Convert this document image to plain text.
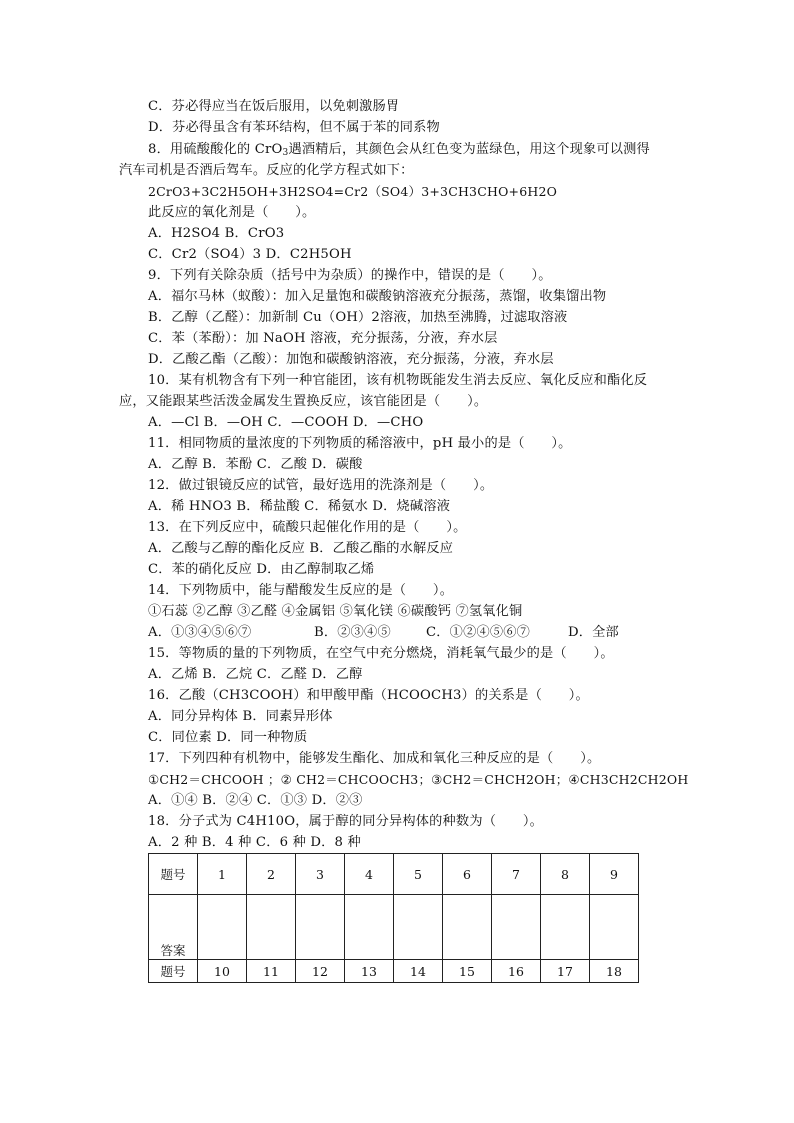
C．芬必得应当在饭后服用，以免刺激肠胃
D．芬必得虽含有苯环结构，但不属于苯的同系物
8．用硫酸酸化的 CrO$_3$遇酒精后，其颜色会从红色变为蓝绿色，用这个现象可以测得
汽车司机是否酒后驾车。反应的化学方程式如下：
2CrO3+3C2H5OH+3H2SO4=Cr2（SO4）3+3CH3CHO+6H2O
此反应的氧化剂是（　　）。
A．H2SO4 B．CrO3
C．Cr2（SO4）3 D．C2H5OH
9．下列有关除杂质（括号中为杂质）的操作中，错误的是（　　）。
A．福尔马林（蚁酸）：加入足量饱和碳酸钠溶液充分振荡，蒸馏，收集馏出物
B．乙醇（乙醛）：加新制 Cu（OH）2溶液，加热至沸腾，过滤取溶液
C．苯（苯酚）：加 NaOH 溶液，充分振荡，分液，弃水层
D．乙酸乙酯（乙酸）：加饱和碳酸钠溶液，充分振荡，分液，弃水层
10．某有机物含有下列一种官能团，该有机物既能发生消去反应、氧化反应和酯化反
应，又能跟某些活泼金属发生置换反应，该官能团是（　　）。
A．—Cl B．—OH C．—COOH D．—CHO
11．相同物质的量浓度的下列物质的稀溶液中，pH 最小的是（　　）。
A．乙醇 B．苯酚 C．乙酸 D．碳酸
12．做过银镜反应的试管，最好选用的洗涤剂是（　　）。
A．稀 HNO3 B．稀盐酸 C．稀氨水 D．烧碱溶液
13．在下列反应中，硫酸只起催化作用的是（　　）。
A．乙酸与乙醇的酯化反应 B．乙酸乙酯的水解反应
C．苯的硝化反应 D．由乙醇制取乙烯
14．下列物质中，能与醋酸发生反应的是（　　）。
①石蕊 ②乙醇 ③乙醛 ④金属铝 ⑤氧化镁 ⑥碳酸钙 ⑦氢氧化铜
A．①③④⑤⑥⑦	B．②③④⑤	C．①②④⑤⑥⑦	D．全部
15．等物质的量的下列物质，在空气中充分燃烧，消耗氧气最少的是（　　）。
A．乙烯 B．乙烷 C．乙醛 D．乙醇
16．乙酸（CH3COOH）和甲酸甲酯（HCOOCH3）的关系是（　　）。
A．同分异构体 B．同素异形体
C．同位素 D．同一种物质
17．下列四种有机物中，能够发生酯化、加成和氧化三种反应的是（　　）。
①CH2＝CHCOOH ；② CH2＝CHCOOCH3；③CH2＝CHCH2OH；④CH3CH2CH2OH
A．①④ B．②④ C．①③ D．②③
18．分子式为 C4H10O，属于醇的同分异构体的种数为（　　）。
A．2 种 B．4 种 C．6 种 D．8 种
题号	1	2	3	4	5	6	7	8	9
答案									
题号	10	11	12	13	14	15	16	17	18
